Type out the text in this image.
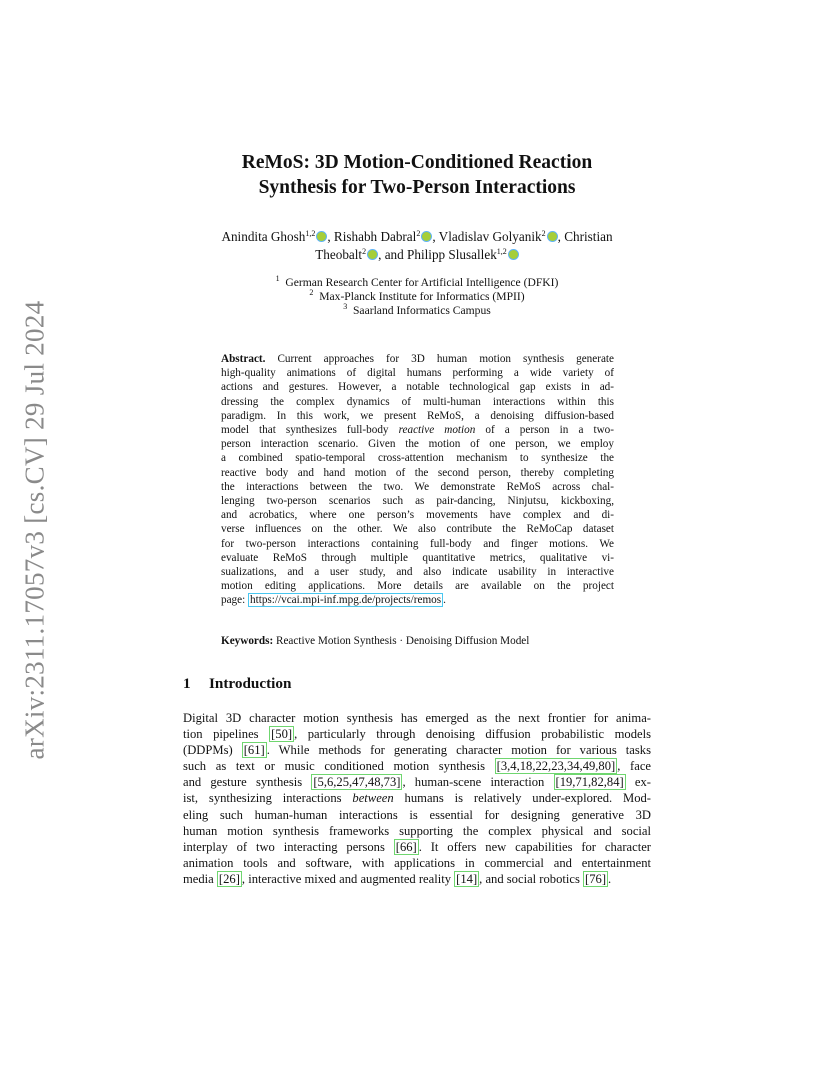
arXiv:2311.17057v3 [cs.CV] 29 Jul 2024
ReMoS: 3D Motion-Conditioned Reaction
Synthesis for Two-Person Interactions
Anindita Ghosh$^{1,2}$ , Rishabh Dabral$^2$ , Vladislav Golyanik$^2$ , Christian
Theobalt$^2$ , and Philipp Slusallek$^{1,2}$
$^1$ German Research Center for Artificial Intelligence (DFKI)
$^2$ Max-Planck Institute for Informatics (MPII)
$^3$ Saarland Informatics Campus
Abstract. Current approaches for 3D human motion synthesis generate
high-quality animations of digital humans performing a wide variety of
actions and gestures. However, a notable technological gap exists in ad-
dressing the complex dynamics of multi-human interactions within this
paradigm. In this work, we present ReMoS, a denoising diffusion-based
model that synthesizes full-body reactive motion of a person in a two-
person interaction scenario. Given the motion of one person, we employ
a combined spatio-temporal cross-attention mechanism to synthesize the
reactive body and hand motion of the second person, thereby completing
the interactions between the two. We demonstrate ReMoS across chal-
lenging two-person scenarios such as pair-dancing, Ninjutsu, kickboxing,
and acrobatics, where one person’s movements have complex and di-
verse influences on the other. We also contribute the ReMoCap dataset
for two-person interactions containing full-body and finger motions. We
evaluate ReMoS through multiple quantitative metrics, qualitative vi-
sualizations, and a user study, and also indicate usability in interactive
motion editing applications. More details are available on the project
page: https://vcai.mpi-inf.mpg.de/projects/remos .
Keywords: Reactive Motion Synthesis · Denoising Diffusion Model
1 Introduction
Digital 3D character motion synthesis has emerged as the next frontier for anima-
tion pipelines [50] , particularly through denoising diffusion probabilistic models
(DDPMs) [61] . While methods for generating character motion for various tasks
such as text or music conditioned motion synthesis [3,4,18,22,23,34,49,80] , face
and gesture synthesis [5,6,25,47,48,73] , human-scene interaction [19,71,82,84] ex-
ist, synthesizing interactions between humans is relatively under-explored. Mod-
eling such human-human interactions is essential for designing generative 3D
human motion synthesis frameworks supporting the complex physical and social
interplay of two interacting persons [66] . It offers new capabilities for character
animation tools and software, with applications in commercial and entertainment
media [26] , interactive mixed and augmented reality [14] , and social robotics [76] .
